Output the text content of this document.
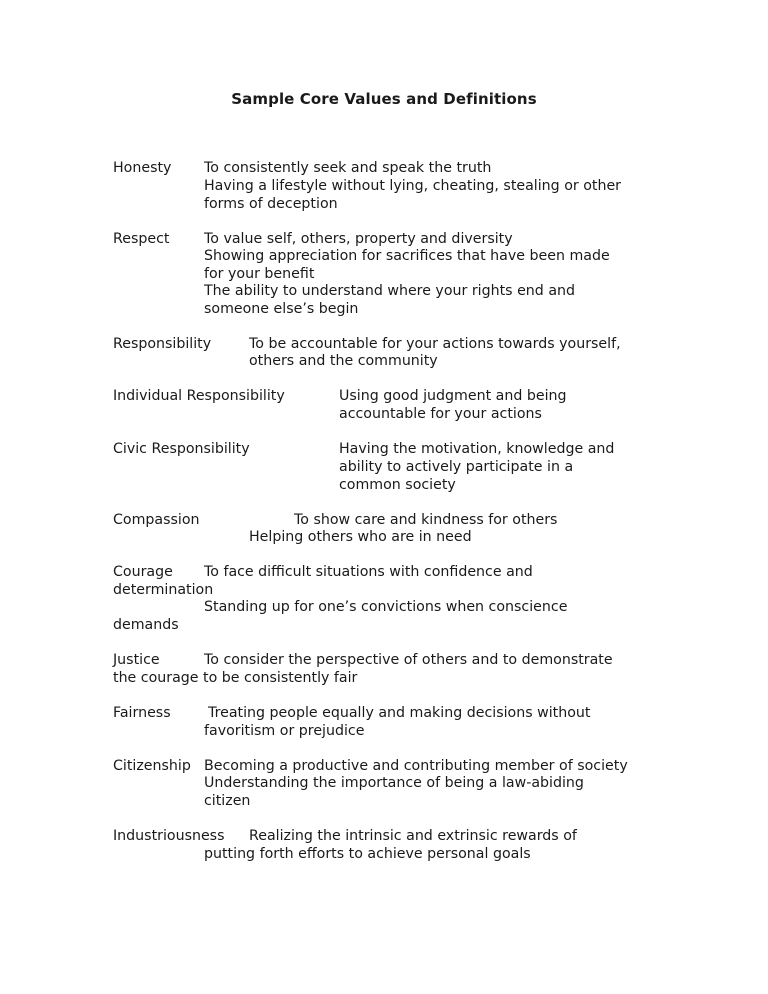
Sample Core Values and Definitions
Honesty To consistently seek and speak the truth
Having a lifestyle without lying, cheating, stealing or other
forms of deception
Respect To value self, others, property and diversity
Showing appreciation for sacrifices that have been made
for your benefit
The ability to understand where your rights end and
someone else’s begin
Responsibility	To be accountable for your actions towards yourself,
others and the community
Individual Responsibility	Using good judgment and being
accountable for your actions
Civic Responsibility	Having the motivation, knowledge and
ability to actively participate in a
common society
Compassion	To show care and kindness for others
Helping others who are in need
Courage To face difficult situations with confidence and
determination
Standing up for one’s convictions when conscience
demands
Justice	To consider the perspective of others and to demonstrate
the courage to be consistently fair
Fairness	Treating people equally and making decisions without
favoritism or prejudice
Citizenship Becoming a productive and contributing member of society
Understanding the importance of being a law-abiding
citizen
Industriousness Realizing the intrinsic and extrinsic rewards of
putting forth efforts to achieve personal goals
